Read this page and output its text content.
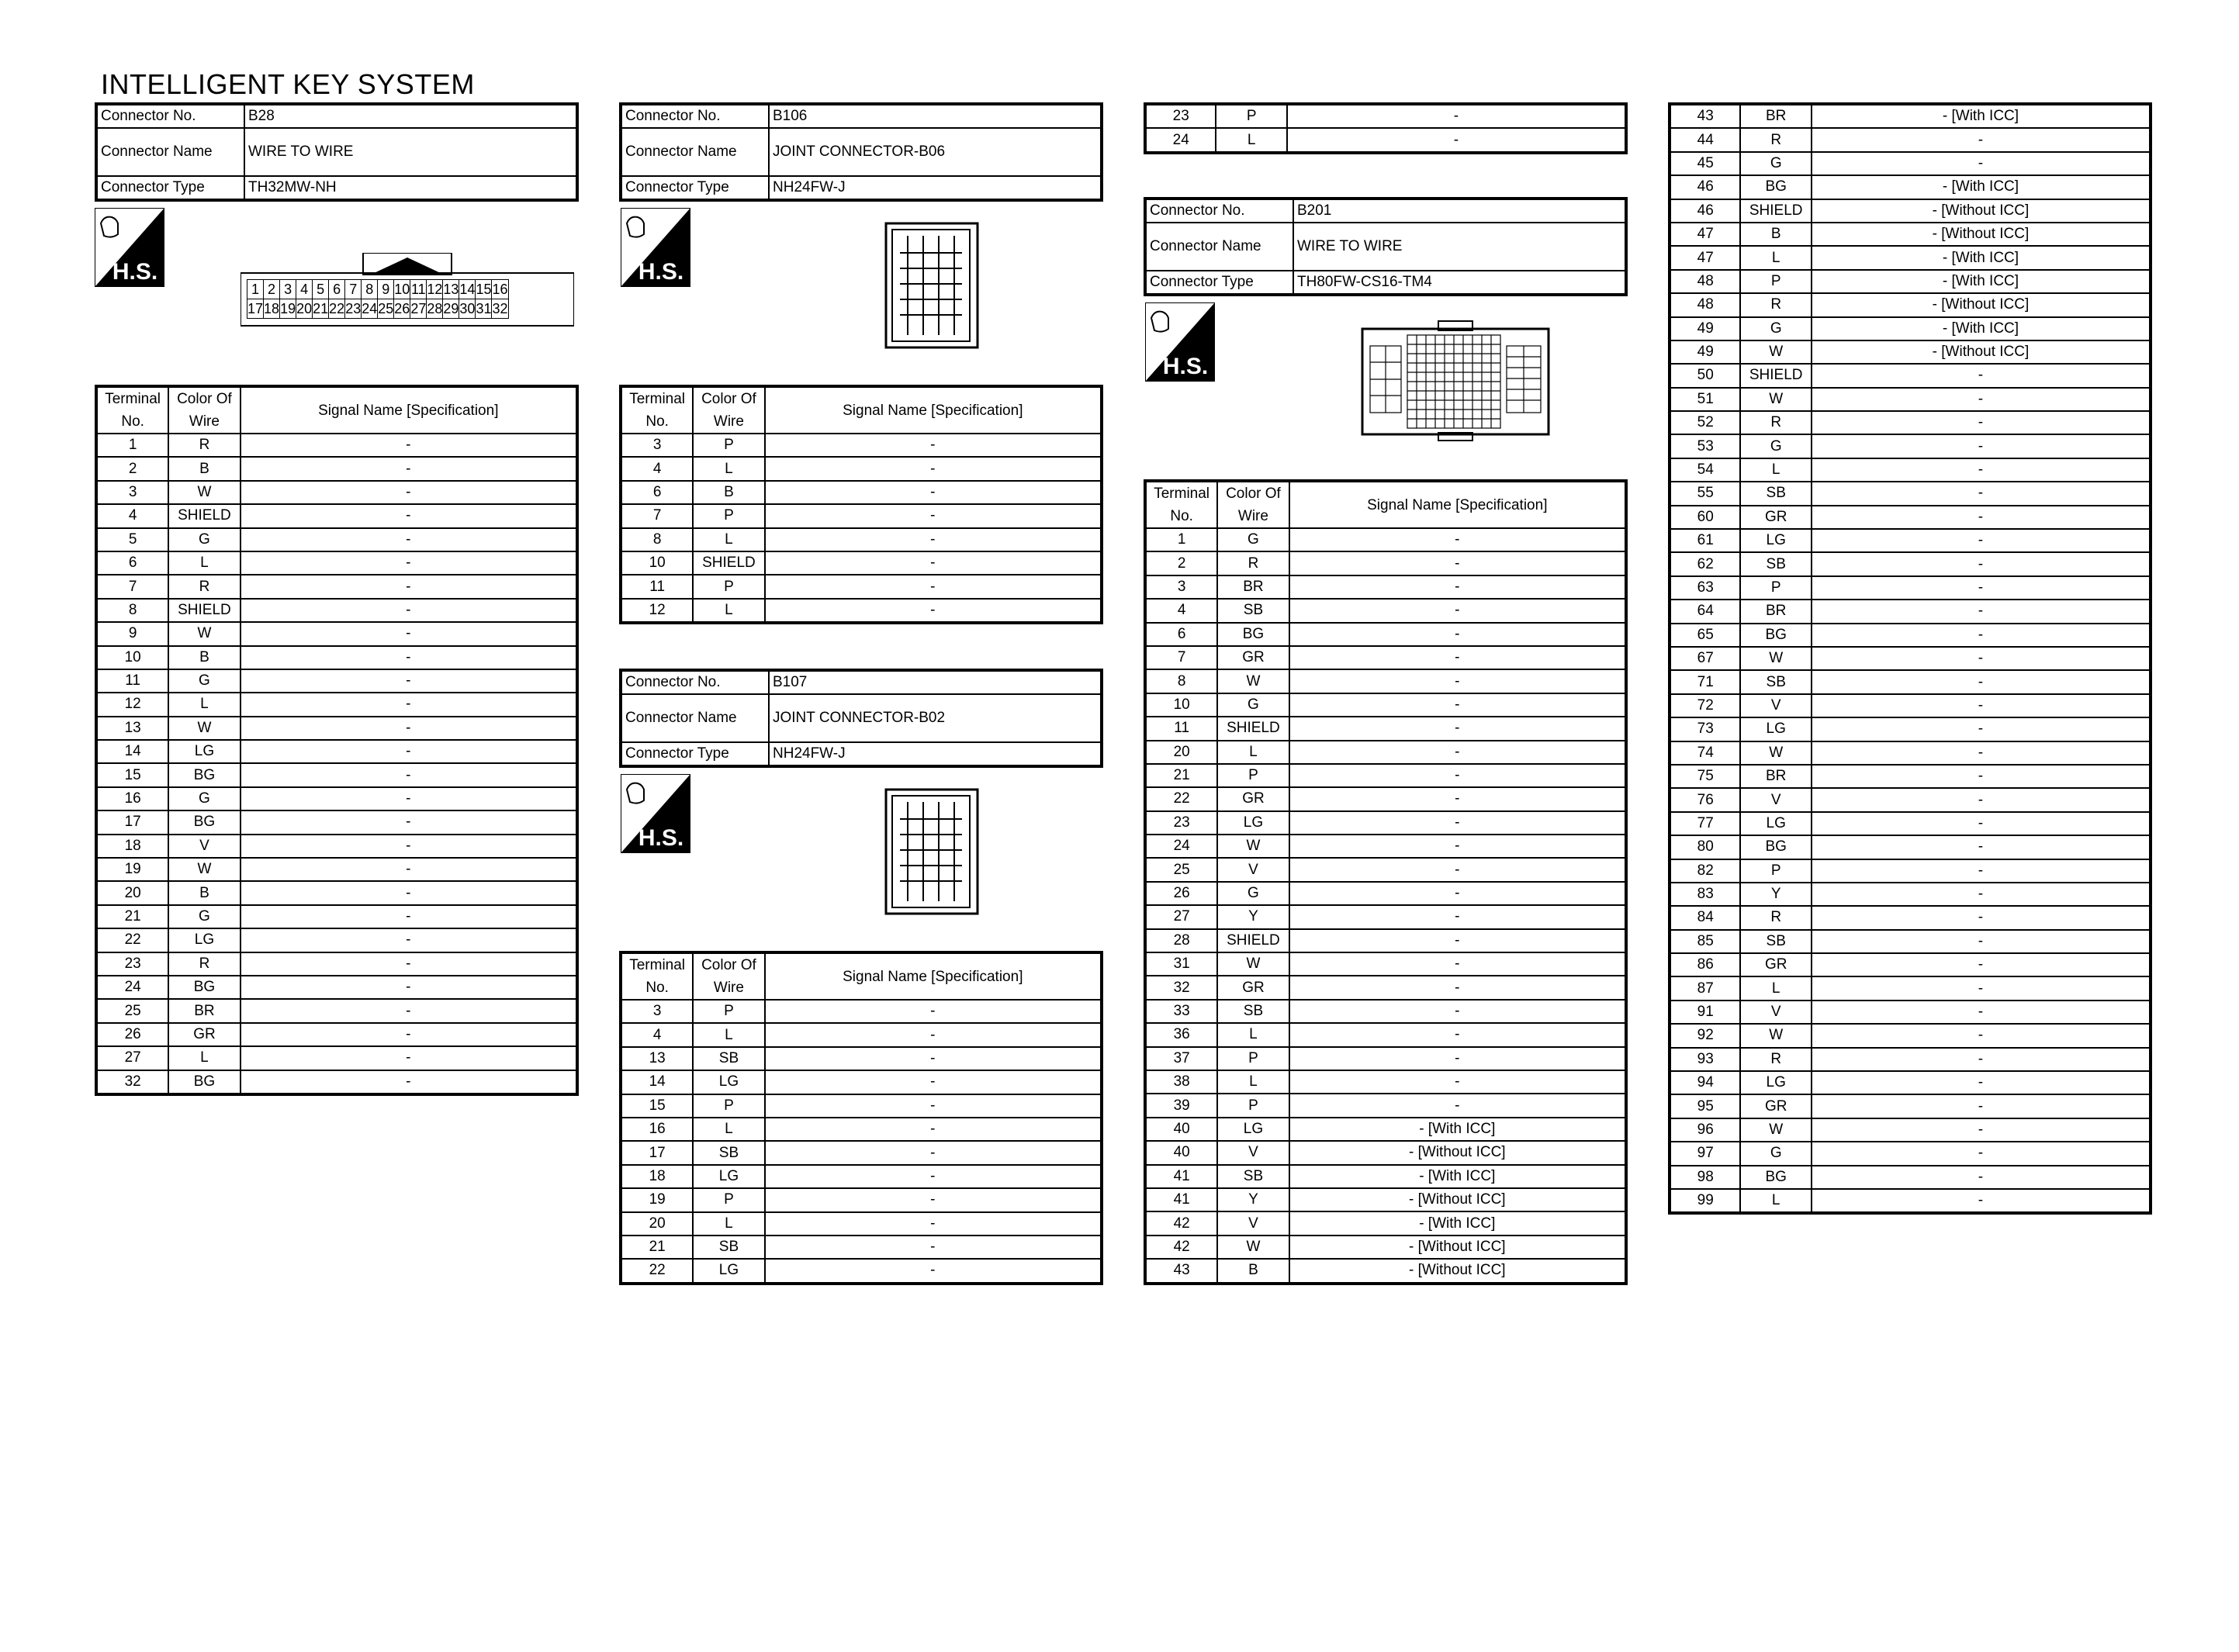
INTELLIGENT KEY SYSTEM
Connector No.	B28
Connector Name	WIRE TO WIRE
Connector Type	TH32MW-NH
H.S.
1	2	3	4	5	6	7	8	9	10	11	12	13	14	15	16
17	18	19	20	21	22	23	24	25	26	27	28	29	30	31	32
Terminal
No.	Color Of
Wire	Signal Name [Specification]
1	R	-
2	B	-
3	W	-
4	SHIELD	-
5	G	-
6	L	-
7	R	-
8	SHIELD	-
9	W	-
10	B	-
11	G	-
12	L	-
13	W	-
14	LG	-
15	BG	-
16	G	-
17	BG	-
18	V	-
19	W	-
20	B	-
21	G	-
22	LG	-
23	R	-
24	BG	-
25	BR	-
26	GR	-
27	L	-
32	BG	-
Connector No.	B106
Connector Name	JOINT CONNECTOR-B06
Connector Type	NH24FW-J
H.S.
Terminal
No.	Color Of
Wire	Signal Name [Specification]
3	P	-
4	L	-
6	B	-
7	P	-
8	L	-
10	SHIELD	-
11	P	-
12	L	-
Connector No.	B107
Connector Name	JOINT CONNECTOR-B02
Connector Type	NH24FW-J
H.S.
Terminal
No.	Color Of
Wire	Signal Name [Specification]
3	P	-
4	L	-
13	SB	-
14	LG	-
15	P	-
16	L	-
17	SB	-
18	LG	-
19	P	-
20	L	-
21	SB	-
22	LG	-
23	P	-
24	L	-
Connector No.	B201
Connector Name	WIRE TO WIRE
Connector Type	TH80FW-CS16-TM4
H.S.
Terminal
No.	Color Of
Wire	Signal Name [Specification]
1	G	-
2	R	-
3	BR	-
4	SB	-
6	BG	-
7	GR	-
8	W	-
10	G	-
11	SHIELD	-
20	L	-
21	P	-
22	GR	-
23	LG	-
24	W	-
25	V	-
26	G	-
27	Y	-
28	SHIELD	-
31	W	-
32	GR	-
33	SB	-
36	L	-
37	P	-
38	L	-
39	P	-
40	LG	- [With ICC]
40	V	- [Without ICC]
41	SB	- [With ICC]
41	Y	- [Without ICC]
42	V	- [With ICC]
42	W	- [Without ICC]
43	B	- [Without ICC]
43	BR	- [With ICC]
44	R	-
45	G	-
46	BG	- [With ICC]
46	SHIELD	- [Without ICC]
47	B	- [Without ICC]
47	L	- [With ICC]
48	P	- [With ICC]
48	R	- [Without ICC]
49	G	- [With ICC]
49	W	- [Without ICC]
50	SHIELD	-
51	W	-
52	R	-
53	G	-
54	L	-
55	SB	-
60	GR	-
61	LG	-
62	SB	-
63	P	-
64	BR	-
65	BG	-
67	W	-
71	SB	-
72	V	-
73	LG	-
74	W	-
75	BR	-
76	V	-
77	LG	-
80	BG	-
82	P	-
83	Y	-
84	R	-
85	SB	-
86	GR	-
87	L	-
91	V	-
92	W	-
93	R	-
94	LG	-
95	GR	-
96	W	-
97	G	-
98	BG	-
99	L	-
